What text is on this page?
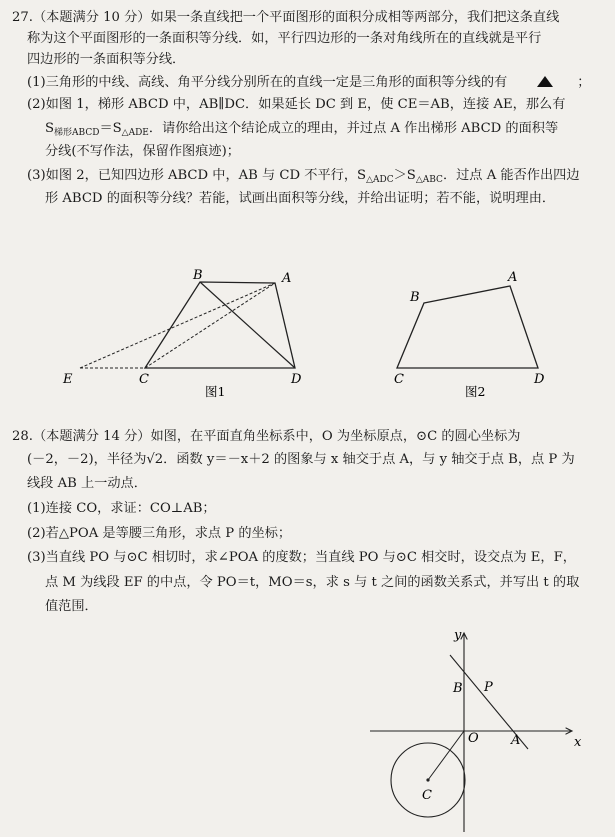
27.（本题满分 10 分）如果一条直线把一个平面图形的面积分成相等两部分，我们把这条直线
称为这个平面图形的一条面积等分线．如，平行四边形的一条对角线所在的直线就是平行
四边形的一条面积等分线．
(1)三角形的中线、高线、角平分线分别所在的直线一定是三角形的面积等分线的有	；
(2)如图 1，梯形 ABCD 中，AB∥DC．如果延长 DC 到 E，使 CE＝AB，连接 AE，那么有
$S_{梯形ABCD}=S_{\triangle ADE}$．请你给出这个结论成立的理由，并过点 A 作出梯形 ABCD 的面积等
分线(不写作法，保留作图痕迹)；
(3)如图 2，已知四边形 ABCD 中，AB 与 CD 不平行，$S_{\triangle ADC}>S_{\triangle ABC}$．过点 A 能否作出四边
形 ABCD 的面积等分线？若能，试画出面积等分线，并给出证明；若不能，说明理由．
B	A
E	C	D
图1
B
A
C	D
图2
28.（本题满分 14 分）如图，在平面直角坐标系中，O 为坐标原点，⊙C 的圆心坐标为
(－2，－2)，半径为√2．函数 y＝－x＋2 的图象与 x 轴交于点 A，与 y 轴交于点 B，点 P 为
线段 AB 上一动点．
(1)连接 CO，求证：CO⊥AB；
(2)若△POA 是等腰三角形，求点 P 的坐标；
(3)当直线 PO 与⊙C 相切时，求∠POA 的度数；当直线 PO 与⊙C 相交时，设交点为 E，F，
点 M 为线段 EF 的中点，令 PO＝t，MO＝s，求 s 与 t 之间的函数关系式，并写出 t 的取
值范围．
y
B P
O A	x
C
